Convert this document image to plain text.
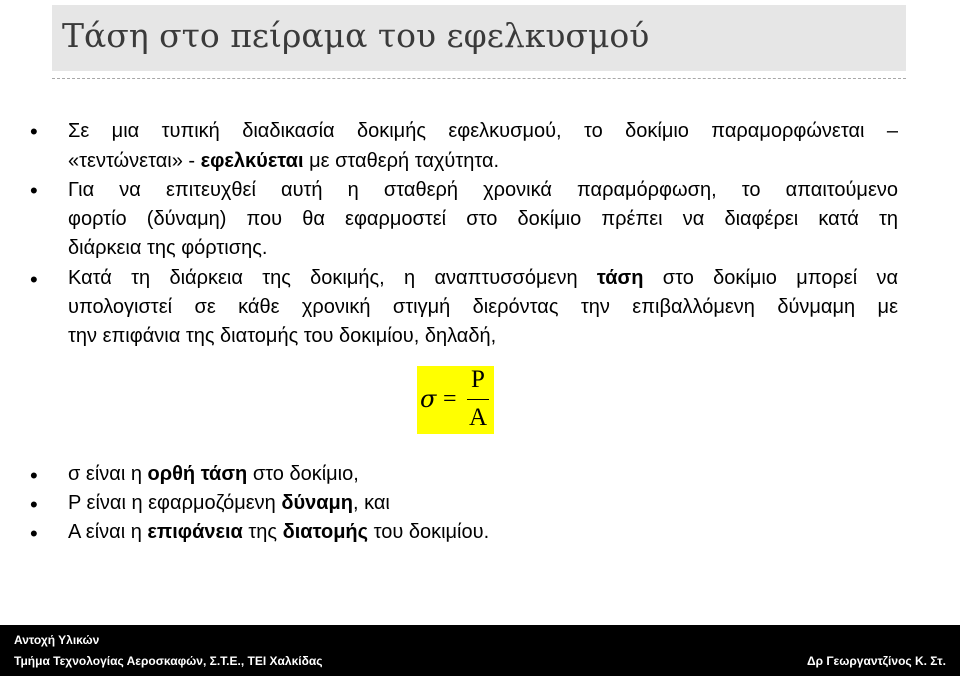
Τάση στο πείραμα του εφελκυσμού
• Σε μια τυπική διαδικασία δοκιμής εφελκυσμού, το δοκίμιο παραμορφώνεται –
«τεντώνεται» - εφελκύεται με σταθερή ταχύτητα.
• Για να επιτευχθεί αυτή η σταθερή χρονικά παραμόρφωση, το απαιτούμενο
φορτίο (δύναμη) που θα εφαρμοστεί στο δοκίμιο πρέπει να διαφέρει κατά τη
διάρκεια της φόρτισης.
• Κατά τη διάρκεια της δοκιμής, η αναπτυσσόμενη τάση στο δοκίμιο μπορεί να
υπολογιστεί σε κάθε χρονική στιγμή διερόντας την επιβαλλόμενη δύνμαμη με
την επιφάνια της διατομής του δοκιμίου, δηλαδή,
• σ είναι η ορθή τάση στο δοκίμιο,
• P είναι η εφαρμοζόμενη δύναμη, και
• A είναι η επιφάνεια της διατομής του δοκιμίου.
σ =
P
A
Αντοχή Υλικών
Τμήμα Τεχνολογίας Αεροσκαφών, Σ.Τ.Ε., ΤΕΙ Χαλκίδας	Δρ Γεωργαντζίνος Κ. Στ.
